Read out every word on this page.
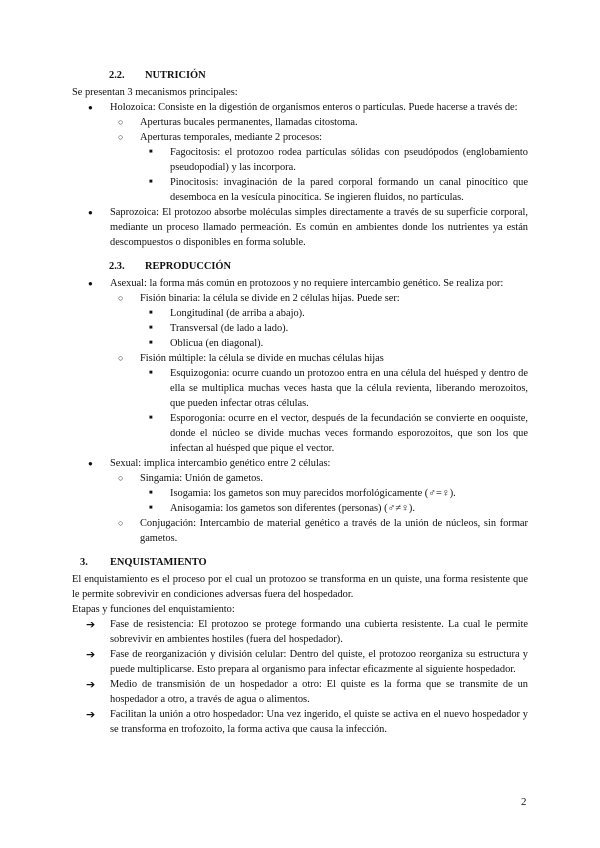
2.2. NUTRICIÓN

Se presentan 3 mecanismos principales:

● Holozoica: Consiste en la digestión de organismos enteros o partículas. Puede hacerse a través de:
○ Aperturas bucales permanentes, llamadas citostoma.
○ Aperturas temporales, mediante 2 procesos:
■ Fagocitosis: el protozoo rodea partículas sólidas con pseudópodos (englobamiento pseudopodial) y las incorpora.
■ Pinocitosis: invaginación de la pared corporal formando un canal pinocítico que desemboca en la vesícula pinocítica. Se ingieren fluidos, no partículas.
● Saprozoica: El protozoo absorbe moléculas simples directamente a través de su superficie corporal, mediante un proceso llamado permeación. Es común en ambientes donde los nutrientes ya están descompuestos o disponibles en forma soluble.
2.3. REPRODUCCIÓN
● Asexual: la forma más común en protozoos y no requiere intercambio genético. Se realiza por:
○ Fisión binaria: la célula se divide en 2 células hijas. Puede ser:
■ Longitudinal (de arriba a abajo).
■ Transversal (de lado a lado).
■ Oblicua (en diagonal).
○ Fisión múltiple: la célula se divide en muchas células hijas
■ Esquizogonia: ocurre cuando un protozoo entra en una célula del huésped y dentro de ella se multiplica muchas veces hasta que la célula revienta, liberando merozoitos, que pueden infectar otras células.
■ Esporogonia: ocurre en el vector, después de la fecundación se convierte en ooquiste, donde el núcleo se divide muchas veces formando esporozoitos, que son los que infectan al huésped que pique el vector.
● Sexual: implica intercambio genético entre 2 células:
○ Singamia: Unión de gametos.
■ Isogamia: los gametos son muy parecidos morfológicamente (♂=♀).
■ Anisogamia: los gametos son diferentes (personas) (♂≠♀).
○ Conjugación: Intercambio de material genético a través de la unión de núcleos, sin formar gametos.
3. ENQUISTAMIENTO

El enquistamiento es el proceso por el cual un protozoo se transforma en un quiste, una forma resistente que le permite sobrevivir en condiciones adversas fuera del hospedador.

Etapas y funciones del enquistamiento:

➔ Fase de resistencia: El protozoo se protege formando una cubierta resistente. La cual le permite sobrevivir en ambientes hostiles (fuera del hospedador).
➔ Fase de reorganización y división celular: Dentro del quiste, el protozoo reorganiza su estructura y puede multiplicarse. Esto prepara al organismo para infectar eficazmente al siguiente hospedador.
➔ Medio de transmisión de un hospedador a otro: El quiste es la forma que se transmite de un hospedador a otro, a través de agua o alimentos.
➔ Facilitan la unión a otro hospedador: Una vez ingerido, el quiste se activa en el nuevo hospedador y se transforma en trofozoito, la forma activa que causa la infección.
2
